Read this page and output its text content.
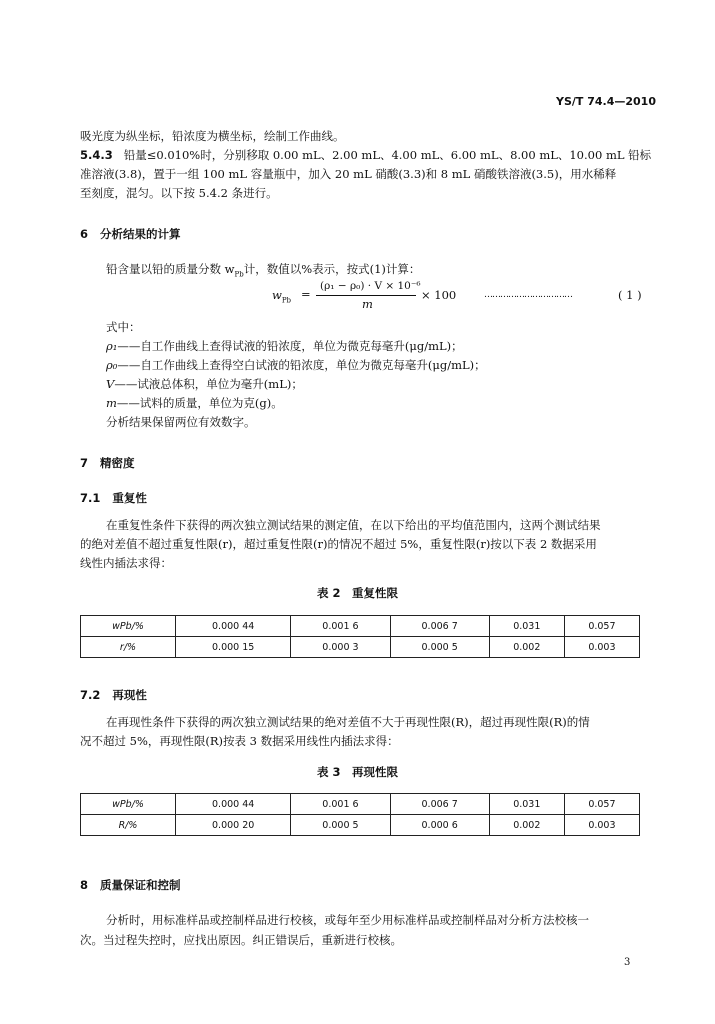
YS/T 74.4—2010
吸光度为纵坐标，铅浓度为横坐标，绘制工作曲线。
5.4.3 铅量≤0.010%时，分别移取 0.00 mL、2.00 mL、4.00 mL、6.00 mL、8.00 mL、10.00 mL 铅标
准溶液(3.8)，置于一组 100 mL 容量瓶中，加入 20 mL 硝酸(3.3)和 8 mL 硝酸铁溶液(3.5)，用水稀释
至刻度，混匀。以下按 5.4.2 条进行。
6 分析结果的计算
铅含量以铅的质量分数 $w_{Pb}$计，数值以%表示，按式(1)计算：
$w_{Pb}$ =
(ρ₁ − ρ₀) · V × 10⁻⁶
m
× 100	……………………………	( 1 )
式中：
ρ₁——自工作曲线上查得试液的铅浓度，单位为微克每毫升(μg/mL)；
ρ₀——自工作曲线上查得空白试液的铅浓度，单位为微克每毫升(μg/mL)；
V——试液总体积，单位为毫升(mL)；
m——试料的质量，单位为克(g)。
分析结果保留两位有效数字。
7 精密度
7.1 重复性
在重复性条件下获得的两次独立测试结果的测定值，在以下给出的平均值范围内，这两个测试结果
的绝对差值不超过重复性限(r)，超过重复性限(r)的情况不超过 5%，重复性限(r)按以下表 2 数据采用
线性内插法求得：
表 2　重复性限
wPb/%	0.000 44	0.001 6	0.006 7	0.031	0.057
r/%	0.000 15	0.000 3	0.000 5	0.002	0.003
7.2 再现性
在再现性条件下获得的两次独立测试结果的绝对差值不大于再现性限(R)，超过再现性限(R)的情
况不超过 5%，再现性限(R)按表 3 数据采用线性内插法求得：
表 3　再现性限
wPb/%	0.000 44	0.001 6	0.006 7	0.031	0.057
R/%	0.000 20	0.000 5	0.000 6	0.002	0.003
8 质量保证和控制
分析时，用标准样品或控制样品进行校核，或每年至少用标准样品或控制样品对分析方法校核一
次。当过程失控时，应找出原因。纠正错误后，重新进行校核。
3
